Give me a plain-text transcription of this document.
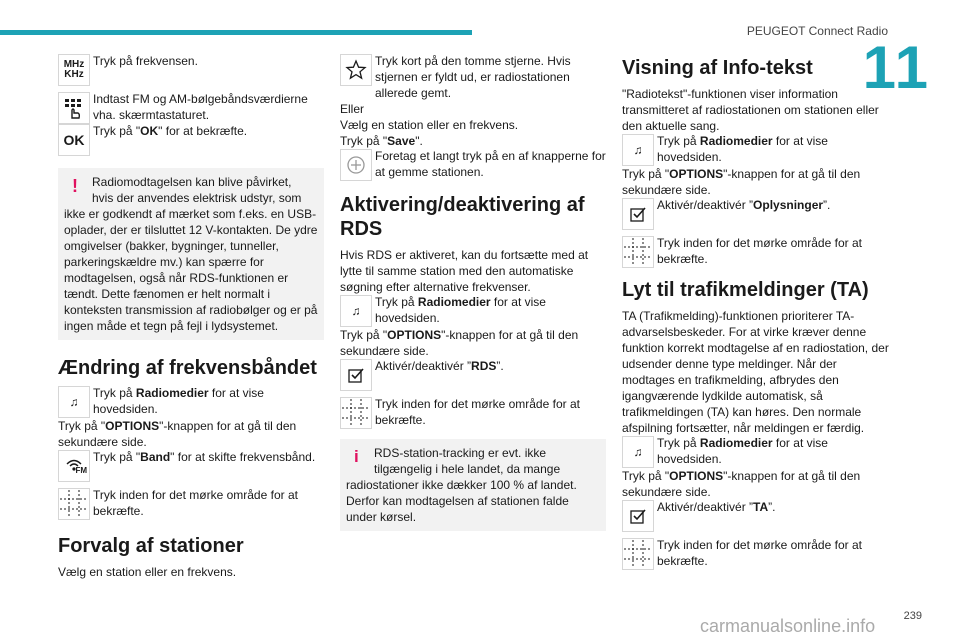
PEUGEOT Connect Radio
11
MHz
KHz
Tryk på frekvensen.
Indtast FM og AM-bølgebåndsværdierne vha. skærmtastaturet.
OK
Tryk på "OK" for at bekræfte.
!	Radiomodtagelsen kan blive påvirket,
hvis der anvendes elektrisk udstyr, som ikke er godkendt af mærket som f.eks. en USB-oplader, der er tilsluttet 12 V-kontakten. De ydre omgivelser (bakker, bygninger, tunneller, parkeringskældre mv.) kan spærre for modtagelsen, også når RDS-funktionen er tændt. Dette fænomen er helt normalt i konteksten transmission af radiobølger og er på ingen måde et tegn på fejl i lydsystemet.
Ændring af frekvensbåndet
♫
Tryk på Radiomedier for at vise hovedsiden.

Tryk på "OPTIONS"-knappen for at gå til den sekundære side.

FM
Tryk på "Band" for at skifte frekvensbånd.
Tryk inden for det mørke område for at bekræfte.
Forvalg af stationer

Vælg en station eller en frekvens.

Tryk kort på den tomme stjerne. Hvis stjernen er fyldt ud, er radiostationen allerede gemt.

Eller

Vælg en station eller en frekvens.

Tryk på "Save".

Foretag et langt tryk på en af knapperne for at gemme stationen.
Aktivering/deaktivering af RDS

Hvis RDS er aktiveret, kan du fortsætte med at lytte til samme station med den automatiske søgning efter alternative frekvenser.

♫
Tryk på Radiomedier for at vise hovedsiden.

Tryk på "OPTIONS"-knappen for at gå til den sekundære side.

Aktivér/deaktivér ”RDS”.
Tryk inden for det mørke område for at bekræfte.
i	RDS-station-tracking er evt. ikke
tilgængelig i hele landet, da mange radiostationer ikke dækker 100 % af landet. Derfor kan modtagelsen af stationen falde under kørsel.
Visning af Info-tekst

"Radiotekst"-funktionen viser information transmitteret af radiostationen om stationen eller den aktuelle sang.

♫
Tryk på Radiomedier for at vise hovedsiden.

Tryk på "OPTIONS"-knappen for at gå til den sekundære side.

Aktivér/deaktivér ”Oplysninger”.
Tryk inden for det mørke område for at bekræfte.
Lyt til trafikmeldinger (TA)

TA (Trafikmelding)-funktionen prioriterer TA-advarselsbeskeder. For at virke kræver denne funktion korrekt modtagelse af en radiostation, der udsender denne type meldinger. Når der modtages en trafikmelding, afbrydes den igangværende lydkilde automatisk, så trafikmeldingen (TA) kan høres. Den normale afspilning fortsætter, når meldingen er færdig.

♫
Tryk på Radiomedier for at vise hovedsiden.

Tryk på "OPTIONS"-knappen for at gå til den sekundære side.

Aktivér/deaktivér ”TA”.
Tryk inden for det mørke område for at bekræfte.
239
carmanualsonline.info
